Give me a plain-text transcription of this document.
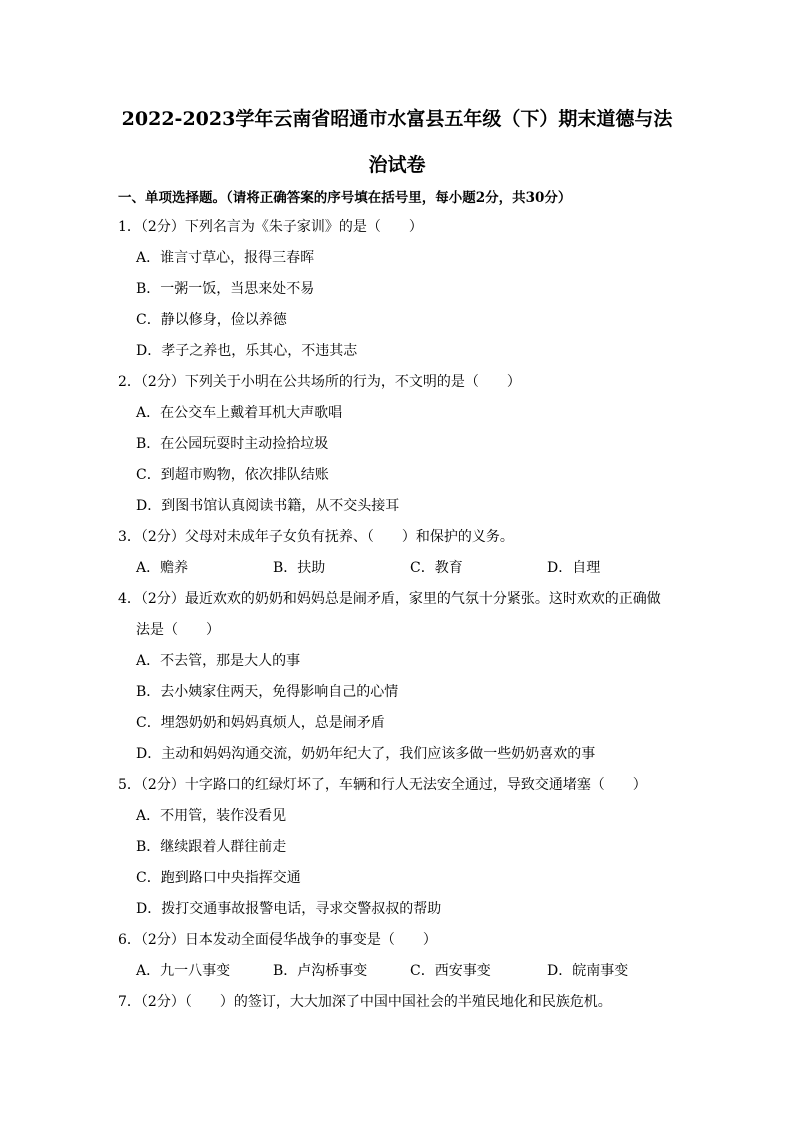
2022-2023学年云南省昭通市水富县五年级（下）期末道德与法
治试卷
一、单项选择题。（请将正确答案的序号填在括号里，每小题2分，共30分）
1．（2分）下列名言为《朱子家训》的是（　　）
A．谁言寸草心，报得三春晖
B．一粥一饭，当思来处不易
C．静以修身，俭以养德
D．孝子之养也，乐其心，不违其志
2．（2分）下列关于小明在公共场所的行为，不文明的是（　　）
A．在公交车上戴着耳机大声歌唱
B．在公园玩耍时主动捡拾垃圾
C．到超市购物，依次排队结账
D．到图书馆认真阅读书籍，从不交头接耳
3．（2分）父母对未成年子女负有抚养、（　　）和保护的义务。
A．赡养	B．扶助	C．教育	D．自理
4．（2分）最近欢欢的奶奶和妈妈总是闹矛盾，家里的气氛十分紧张。这时欢欢的正确做
法是（　　）
A．不去管，那是大人的事
B．去小姨家住两天，免得影响自己的心情
C．埋怨奶奶和妈妈真烦人，总是闹矛盾
D．主动和妈妈沟通交流，奶奶年纪大了，我们应该多做一些奶奶喜欢的事
5．（2分）十字路口的红绿灯坏了，车辆和行人无法安全通过，导致交通堵塞（　　）
A．不用管，装作没看见
B．继续跟着人群往前走
C．跑到路口中央指挥交通
D．拨打交通事故报警电话，寻求交警叔叔的帮助
6．（2分）日本发动全面侵华战争的事变是（　　）
A．九一八事变	B．卢沟桥事变	C．西安事变	D．皖南事变
7．（2分）（　　）的签订，大大加深了中国中国社会的半殖民地化和民族危机。
